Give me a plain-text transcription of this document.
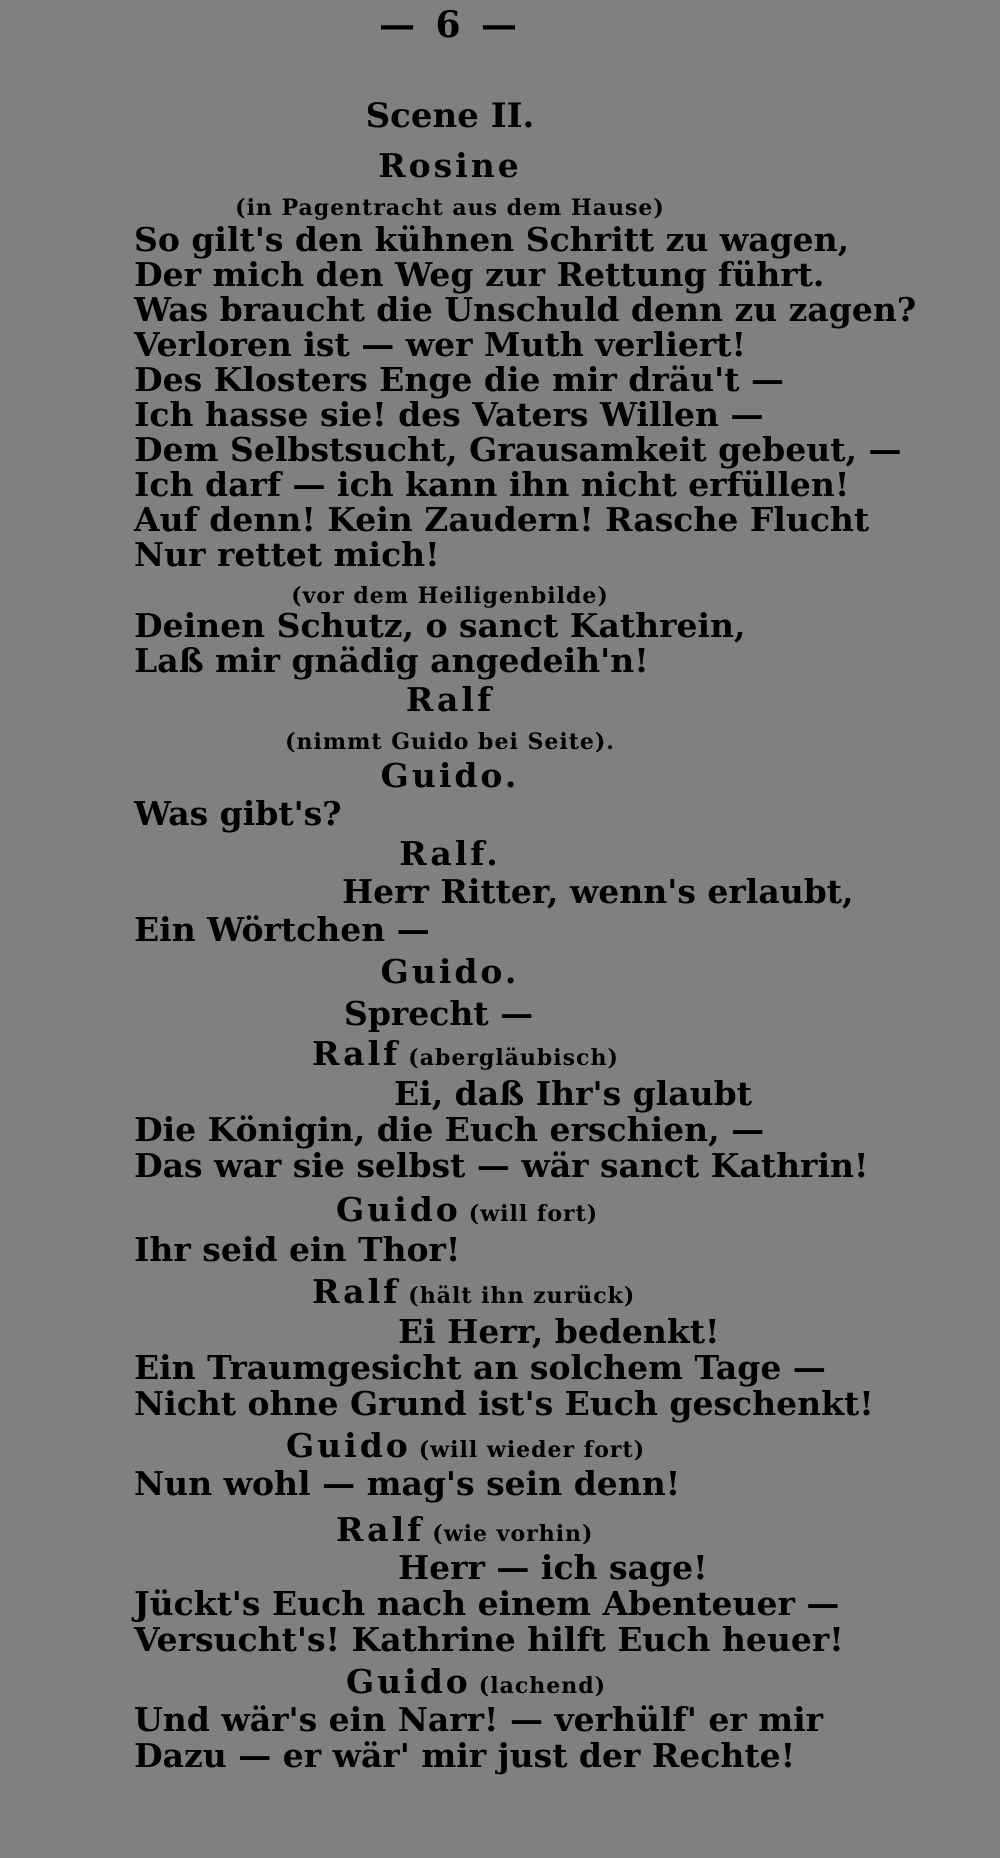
— 6 —
Scene II.
Rosine
(in Pagentracht aus dem Hause)
So gilt's den kühnen Schritt zu wagen,
Der mich den Weg zur Rettung führt.
Was braucht die Unschuld denn zu zagen?
Verloren ist — wer Muth verliert!
Des Klosters Enge die mir dräu't —
Ich hasse sie! des Vaters Willen —
Dem Selbstsucht, Grausamkeit gebeut, —
Ich darf — ich kann ihn nicht erfüllen!
Auf denn! Kein Zaudern! Rasche Flucht
Nur rettet mich!
(vor dem Heiligenbilde)
Deinen Schutz, o sanct Kathrein,
Laß mir gnädig angedeih'n!
Ralf
(nimmt Guido bei Seite).
Guido.
Was gibt's?
Ralf.
Herr Ritter, wenn's erlaubt,
Ein Wörtchen —
Guido.
Sprecht —
Ralf (abergläubisch)
Ei, daß Ihr's glaubt
Die Königin, die Euch erschien, —
Das war sie selbst — wär sanct Kathrin!
Guido (will fort)
Ihr seid ein Thor!
Ralf (hält ihn zurück)
Ei Herr, bedenkt!
Ein Traumgesicht an solchem Tage —
Nicht ohne Grund ist's Euch geschenkt!
Guido (will wieder fort)
Nun wohl — mag's sein denn!
Ralf (wie vorhin)
Herr — ich sage!
Jückt's Euch nach einem Abenteuer —
Versucht's! Kathrine hilft Euch heuer!
Guido (lachend)
Und wär's ein Narr! — verhülf' er mir
Dazu — er wär' mir just der Rechte!
